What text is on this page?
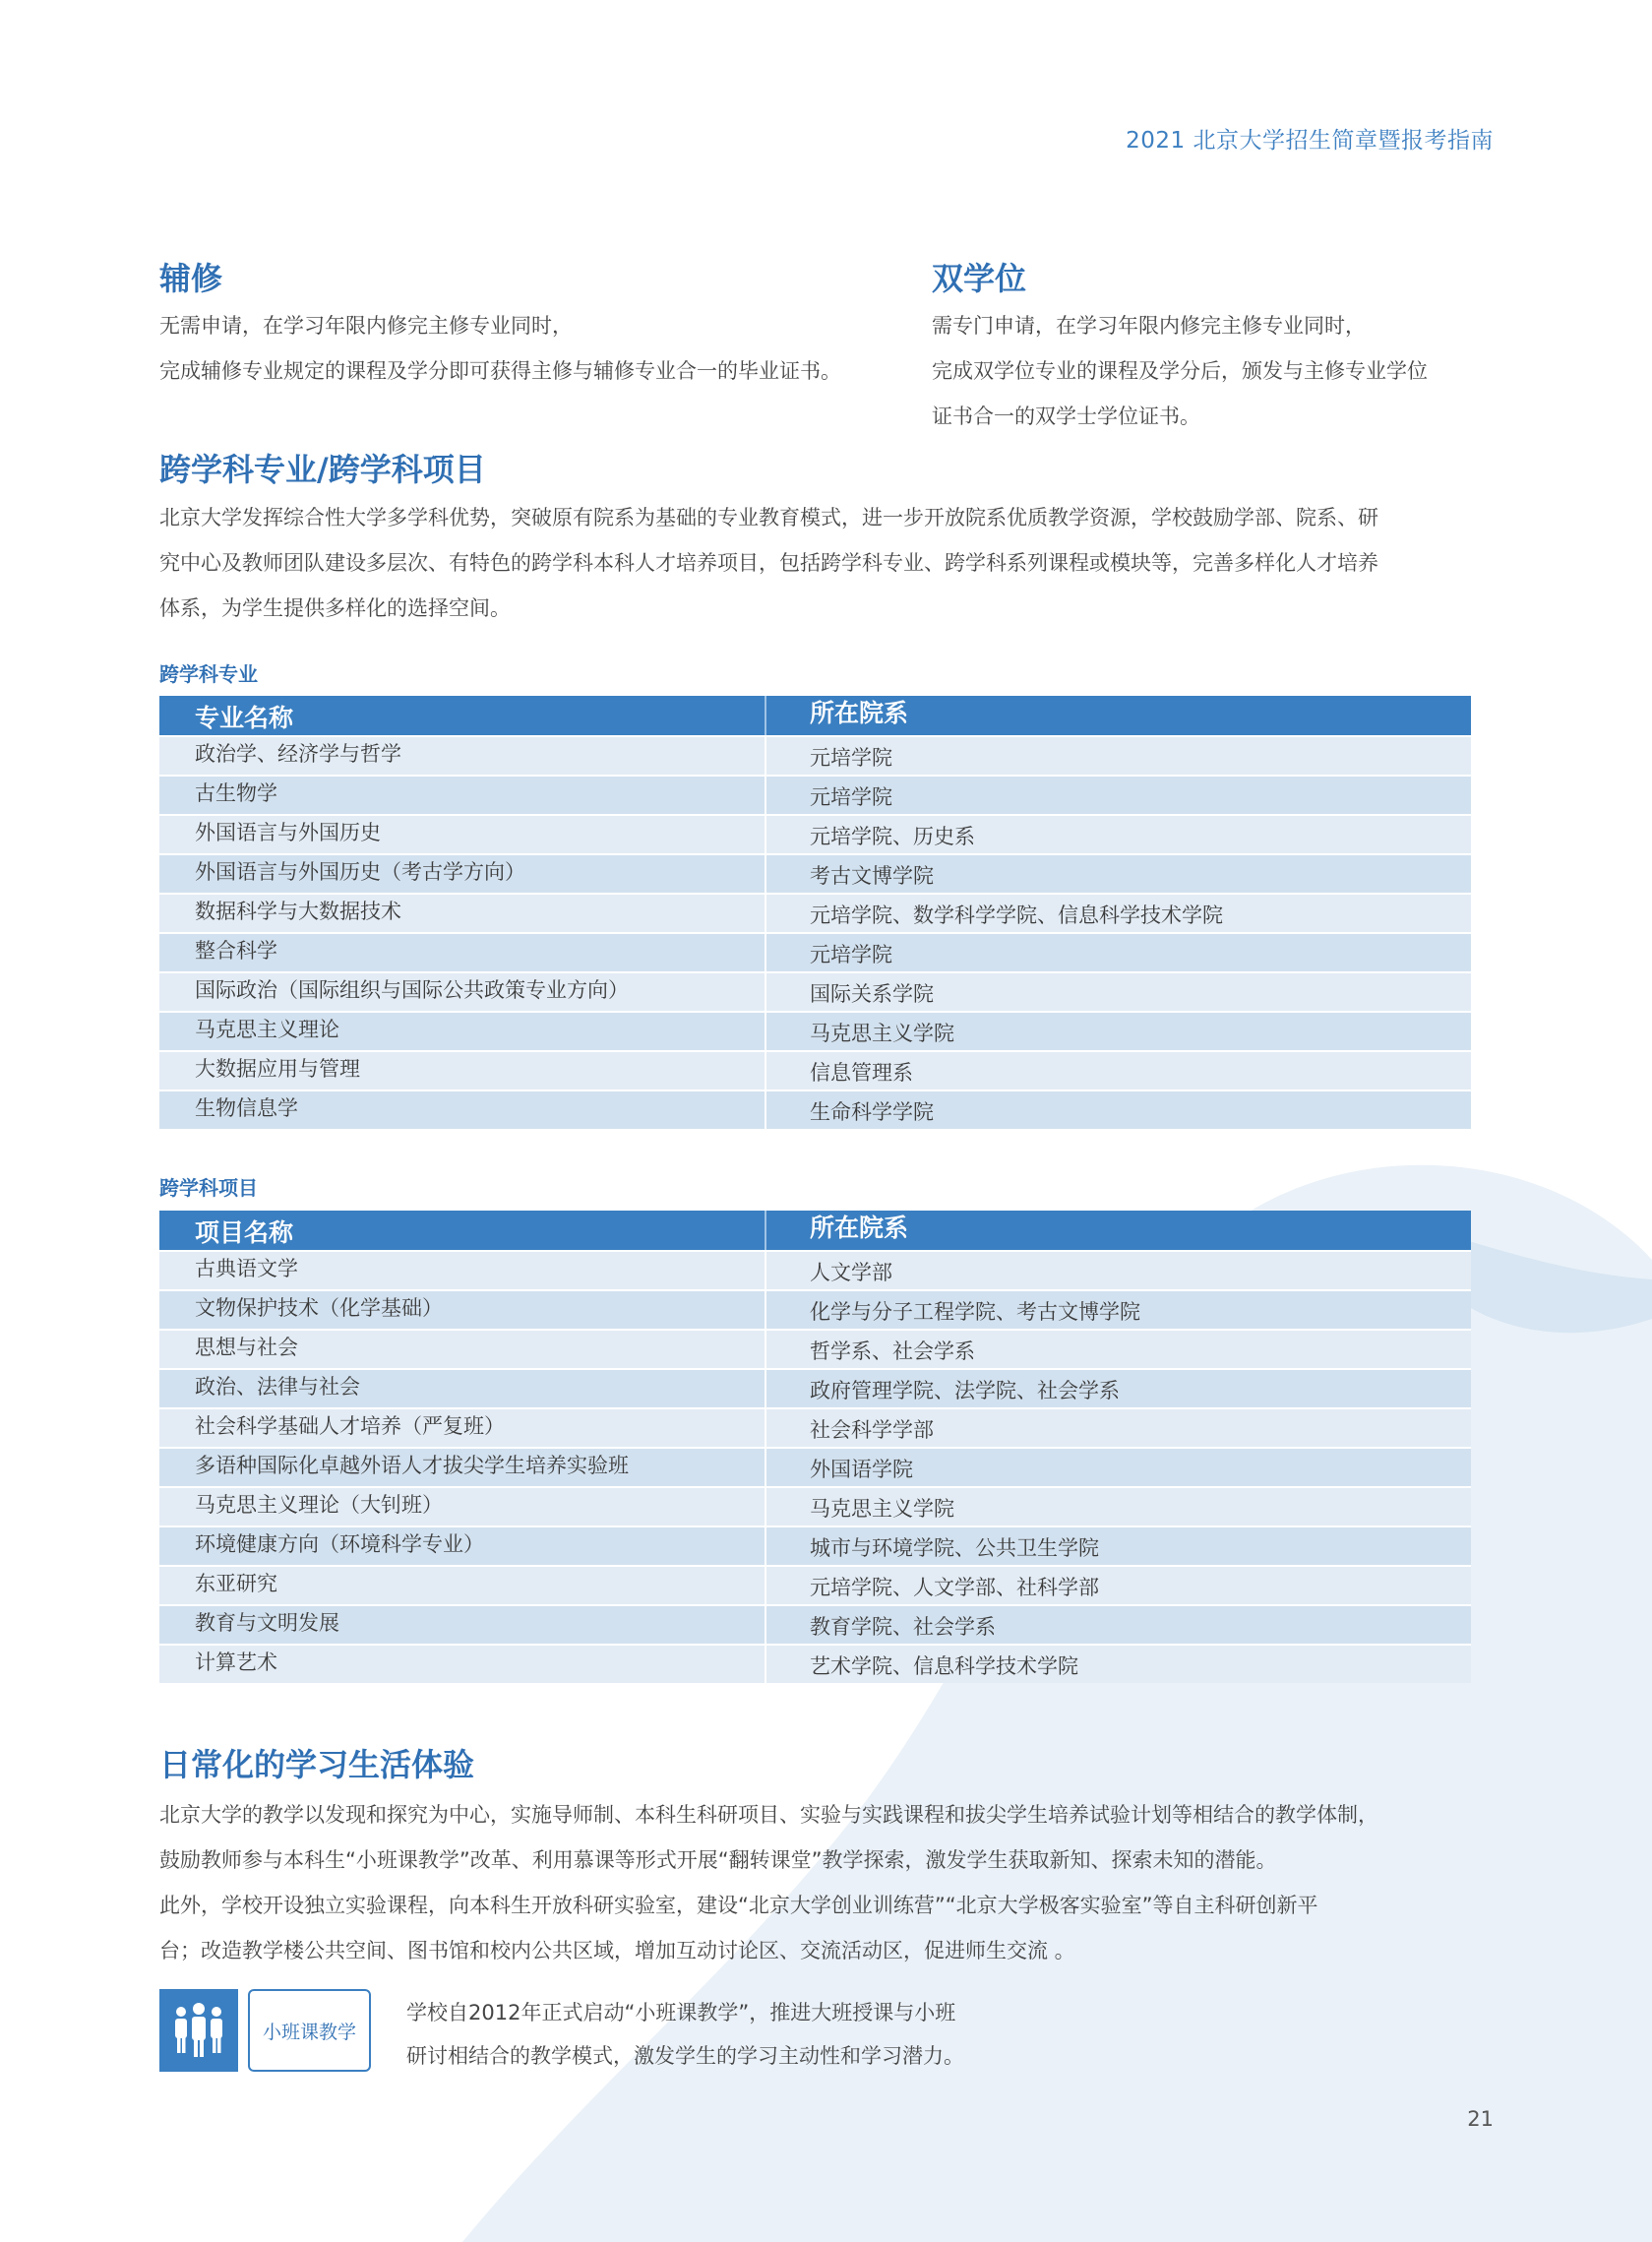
2021 北京大学招生简章暨报考指南
辅修

无需申请，在学习年限内修完主修专业同时，

完成辅修专业规定的课程及学分即可获得主修与辅修专业合一的毕业证书。

双学位

需专门申请，在学习年限内修完主修专业同时，

完成双学位专业的课程及学分后，颁发与主修专业学位

证书合一的双学士学位证书。

跨学科专业/跨学科项目

北京大学发挥综合性大学多学科优势，突破原有院系为基础的专业教育模式，进一步开放院系优质教学资源，学校鼓励学部、院系、研

究中心及教师团队建设多层次、有特色的跨学科本科人才培养项目，包括跨学科专业、跨学科系列课程或模块等，完善多样化人才培养

体系，为学生提供多样化的选择空间。

跨学科专业
专业名称	所在院系
政治学、经济学与哲学	元培学院
古生物学	元培学院
外国语言与外国历史	元培学院、历史系
外国语言与外国历史（考古学方向）	考古文博学院
数据科学与大数据技术	元培学院、数学科学学院、信息科学技术学院
整合科学	元培学院
国际政治（国际组织与国际公共政策专业方向）	国际关系学院
马克思主义理论	马克思主义学院
大数据应用与管理	信息管理系
生物信息学	生命科学学院
跨学科项目
项目名称	所在院系
古典语文学	人文学部
文物保护技术（化学基础）	化学与分子工程学院、考古文博学院
思想与社会	哲学系、社会学系
政治、法律与社会	政府管理学院、法学院、社会学系
社会科学基础人才培养（严复班）	社会科学学部
多语种国际化卓越外语人才拔尖学生培养实验班	外国语学院
马克思主义理论（大钊班）	马克思主义学院
环境健康方向（环境科学专业）	城市与环境学院、公共卫生学院
东亚研究	元培学院、人文学部、社科学部
教育与文明发展	教育学院、社会学系
计算艺术	艺术学院、信息科学技术学院
日常化的学习生活体验

北京大学的教学以发现和探究为中心，实施导师制、本科生科研项目、实验与实践课程和拔尖学生培养试验计划等相结合的教学体制，

鼓励教师参与本科生“小班课教学”改革、利用慕课等形式开展“翻转课堂”教学探索，激发学生获取新知、探索未知的潜能。

此外，学校开设独立实验课程，向本科生开放科研实验室，建设“北京大学创业训练营”“北京大学极客实验室”等自主科研创新平

台；改造教学楼公共空间、图书馆和校内公共区域，增加互动讨论区、交流活动区，促进师生交流 。

小班课教学

学校自2012年正式启动“小班课教学”，推进大班授课与小班

研讨相结合的教学模式，激发学生的学习主动性和学习潜力。

21
